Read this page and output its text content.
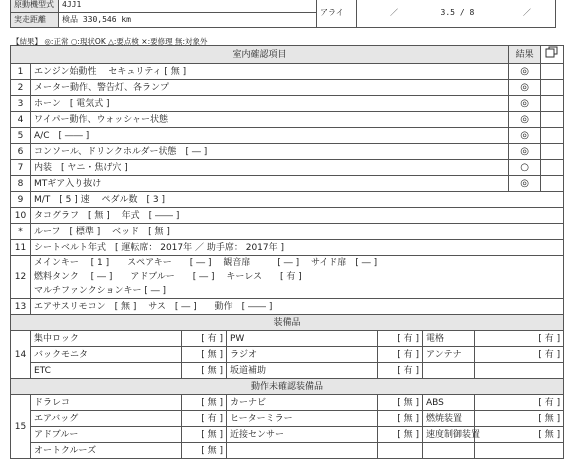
原動機型式	4JJ1	アライ	／ 3.5 / 8 ／
実走距離	検品 330,546 km		
【結果】 ◎:正常 ○:現状OK △:要点検 ×:要修理 無:対象外
室内確認項目							結果	
1	エンジン始動性　 セキュリティ [ 無 ]						◎	
2	メーター動作、警告灯、各ランプ						◎	
3	ホーン　[ 電気式 ]						◎	
4	ワイパー動作、ウォッシャー状態						◎	
5	A/C　[ ―― ]						◎	
6	コンソール、ドリンクホルダー状態　[ ― ]						◎	
7	内装　[ ヤニ・焦げ穴 ]						○	
8	MTギア入り抜け						◎	
9	M/T　[ 5 ] 速　 ペダル数　[ 3 ]							
10	タコグラフ　[ 無 ]　 年式　[ ―― ]							
*	ルーフ　[ 標準 ]　 ベッド　[ 無 ]							
11	シートベルト年式　[ 運転席： 2017年 ／ 助手席： 2017年 ]							
12	メインキー　 [ 1 ]　　スペアキー　　[ ― ]　 観音扉　　　[ ― ]　 サイド扉　[ ― ]							
	燃料タンク　 [ ― ]　　アドブルー　　[ ― ]　 キーレス　　[ 有 ]							
	マルチファンクションキー [ ― ]							
13	エアサスリモコン　[ 無 ]　 サス　[ ― ]　　動作　[ ―― ]							
装備品								
14	集中ロック	[ 有 ]	PW	[ 有 ]	電格	[ 有 ]		
	バックモニタ	[ 無 ]	ラジオ	[ 有 ]	アンテナ	[ 有 ]		
	ETC	[ 無 ]	坂道補助	[ 有 ]				
動作未確認装備品								
15	ドラレコ	[ 無 ]	カーナビ	[ 無 ]	ABS	[ 有 ]		
	エアバッグ	[ 有 ]	ヒーターミラー	[ 無 ]	燃焼装置	[ 無 ]		
	アドブルー	[ 無 ]	近接センサー	[ 無 ]	速度制御装置	[ 無 ]		
	オートクルーズ	[ 無 ]						
